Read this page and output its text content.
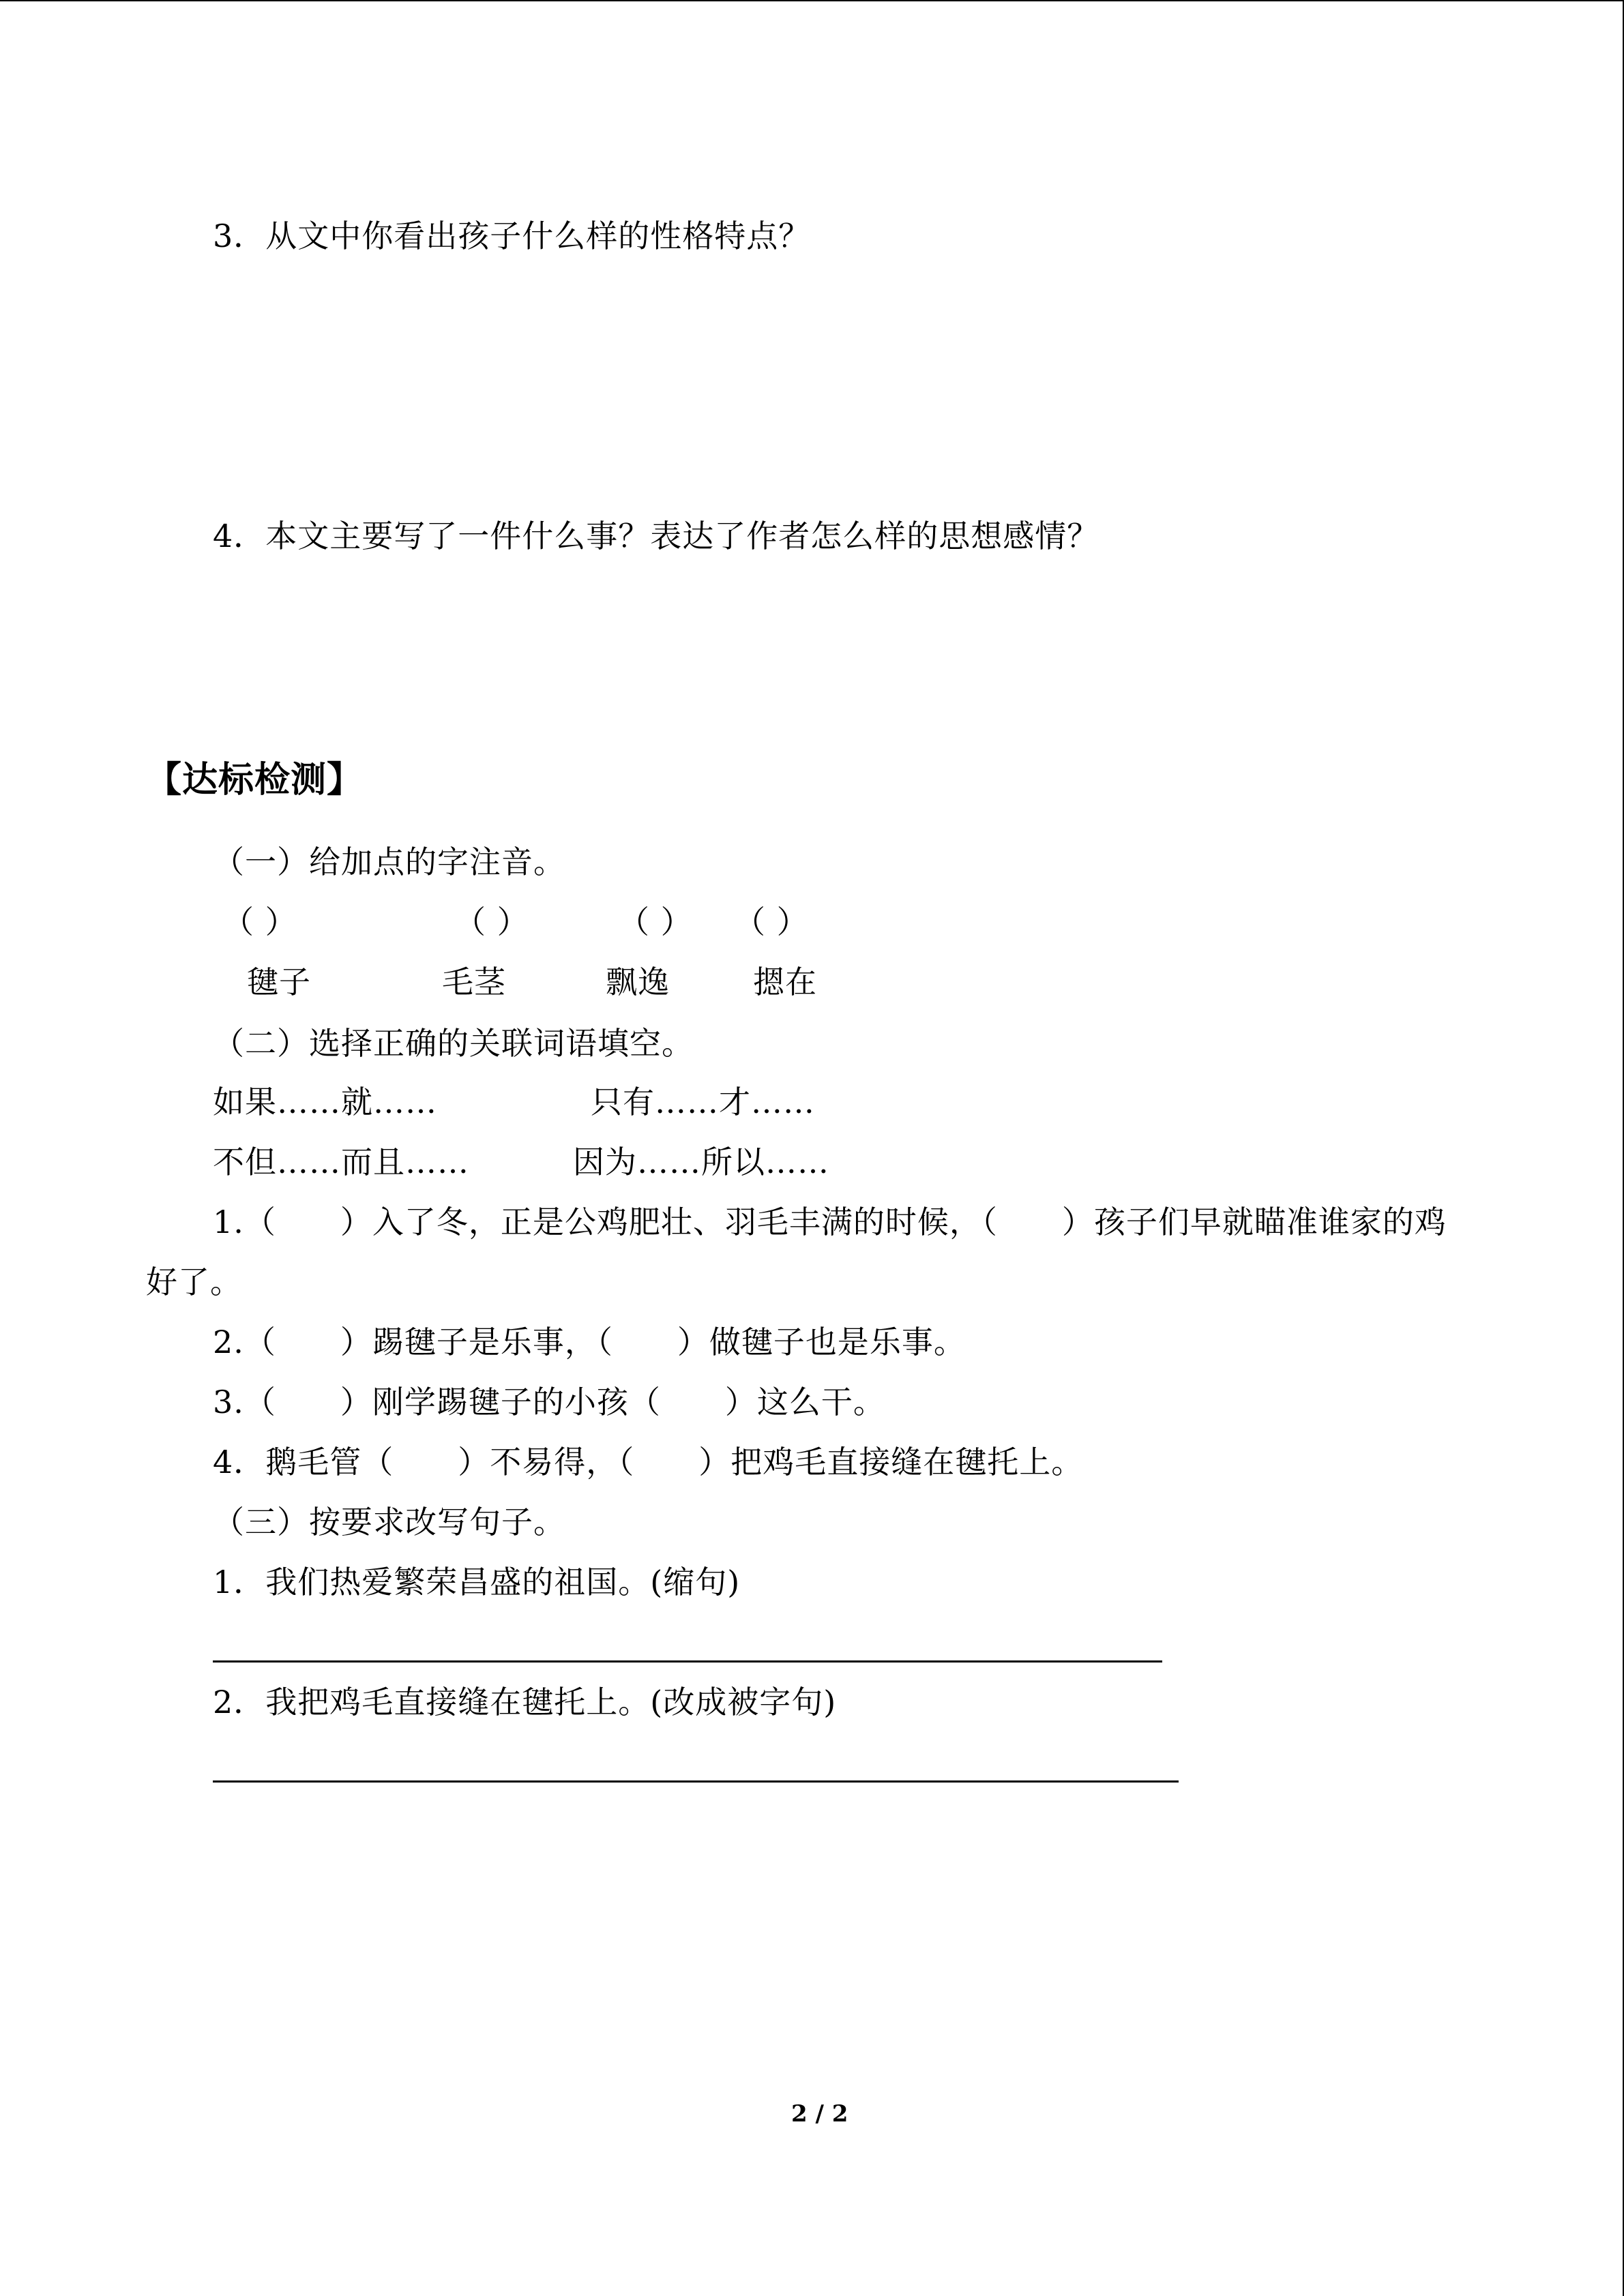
3．从文中你看出孩子什么样的性格特点？
4．本文主要写了一件什么事？表达了作者怎么样的思想感情？
【达标检测】
（一）给加点的字注音。
（ ）	（ ）	（ ） （ ）
毽子	毛茎	飘逸	摁在
（二）选择正确的关联词语填空。
如果……就……	只有……才……
不但……而且……	因为……所以……
1.（　　）入了冬，正是公鸡肥壮、羽毛丰满的时候，（　　）孩子们早就瞄准谁家的鸡
好了。
2.（　　）踢毽子是乐事，（　　）做毽子也是乐事。
3.（　　）刚学踢毽子的小孩（　　）这么干。
4．鹅毛管（　　）不易得，（　　）把鸡毛直接缝在毽托上。
（三）按要求改写句子。
1．我们热爱繁荣昌盛的祖国。(缩句)
2．我把鸡毛直接缝在毽托上。(改成被字句)
2 / 2
